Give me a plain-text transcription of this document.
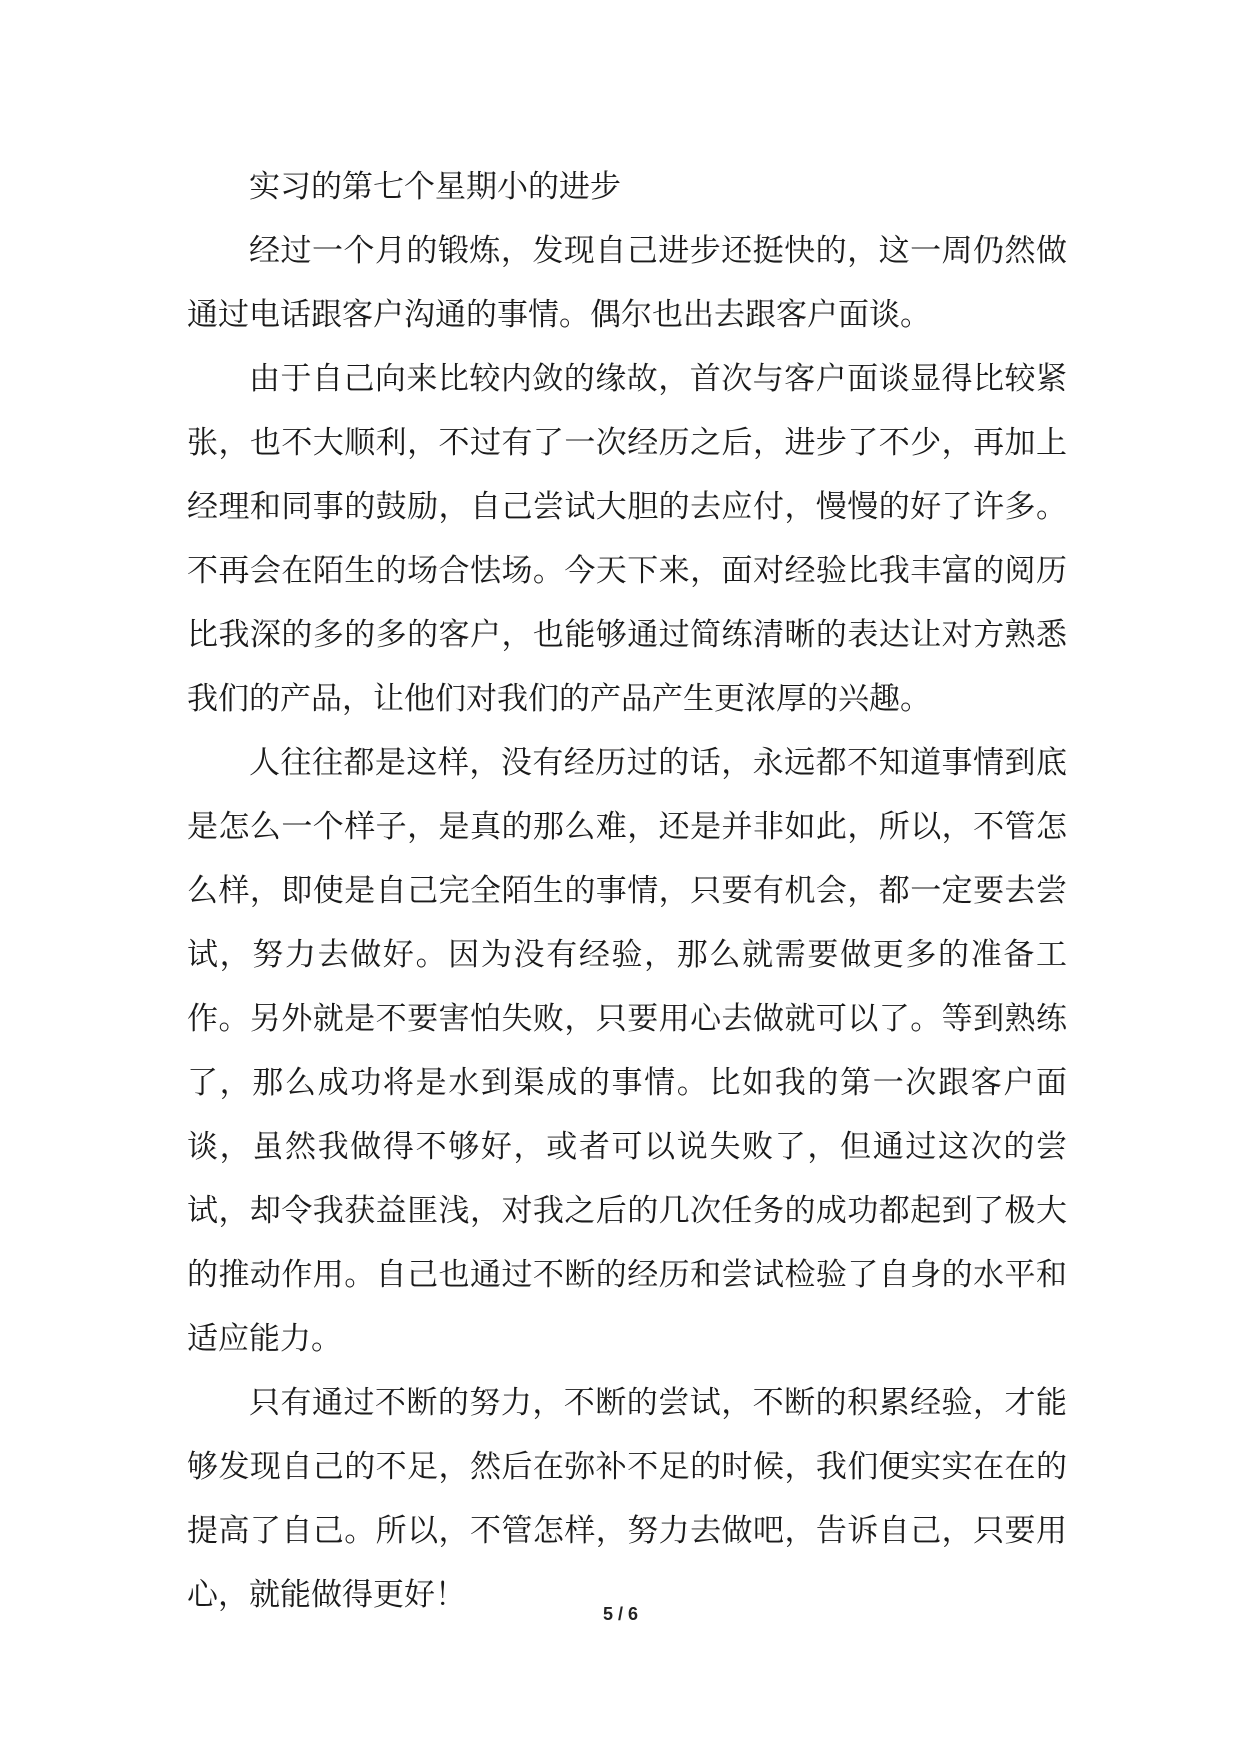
实习的第七个星期小的进步

经过一个月的锻炼，发现自己进步还挺快的，这一周仍然做通过电话跟客户沟通的事情。偶尔也出去跟客户面谈。

由于自己向来比较内敛的缘故，首次与客户面谈显得比较紧张，也不大顺利，不过有了一次经历之后，进步了不少，再加上经理和同事的鼓励，自己尝试大胆的去应付，慢慢的好了许多。不再会在陌生的场合怯场。今天下来，面对经验比我丰富的阅历比我深的多的多的客户，也能够通过简练清晰的表达让对方熟悉我们的产品，让他们对我们的产品产生更浓厚的兴趣。

人往往都是这样，没有经历过的话，永远都不知道事情到底是怎么一个样子，是真的那么难，还是并非如此，所以，不管怎么样，即使是自己完全陌生的事情，只要有机会，都一定要去尝试，努力去做好。因为没有经验，那么就需要做更多的准备工作。另外就是不要害怕失败，只要用心去做就可以了。等到熟练了，那么成功将是水到渠成的事情。比如我的第一次跟客户面谈，虽然我做得不够好，或者可以说失败了，但通过这次的尝试，却令我获益匪浅，对我之后的几次任务的成功都起到了极大的推动作用。自己也通过不断的经历和尝试检验了自身的水平和适应能力。

只有通过不断的努力，不断的尝试，不断的积累经验，才能够发现自己的不足，然后在弥补不足的时候，我们便实实在在的提高了自己。所以，不管怎样，努力去做吧，告诉自己，只要用心，就能做得更好！

5 / 6
